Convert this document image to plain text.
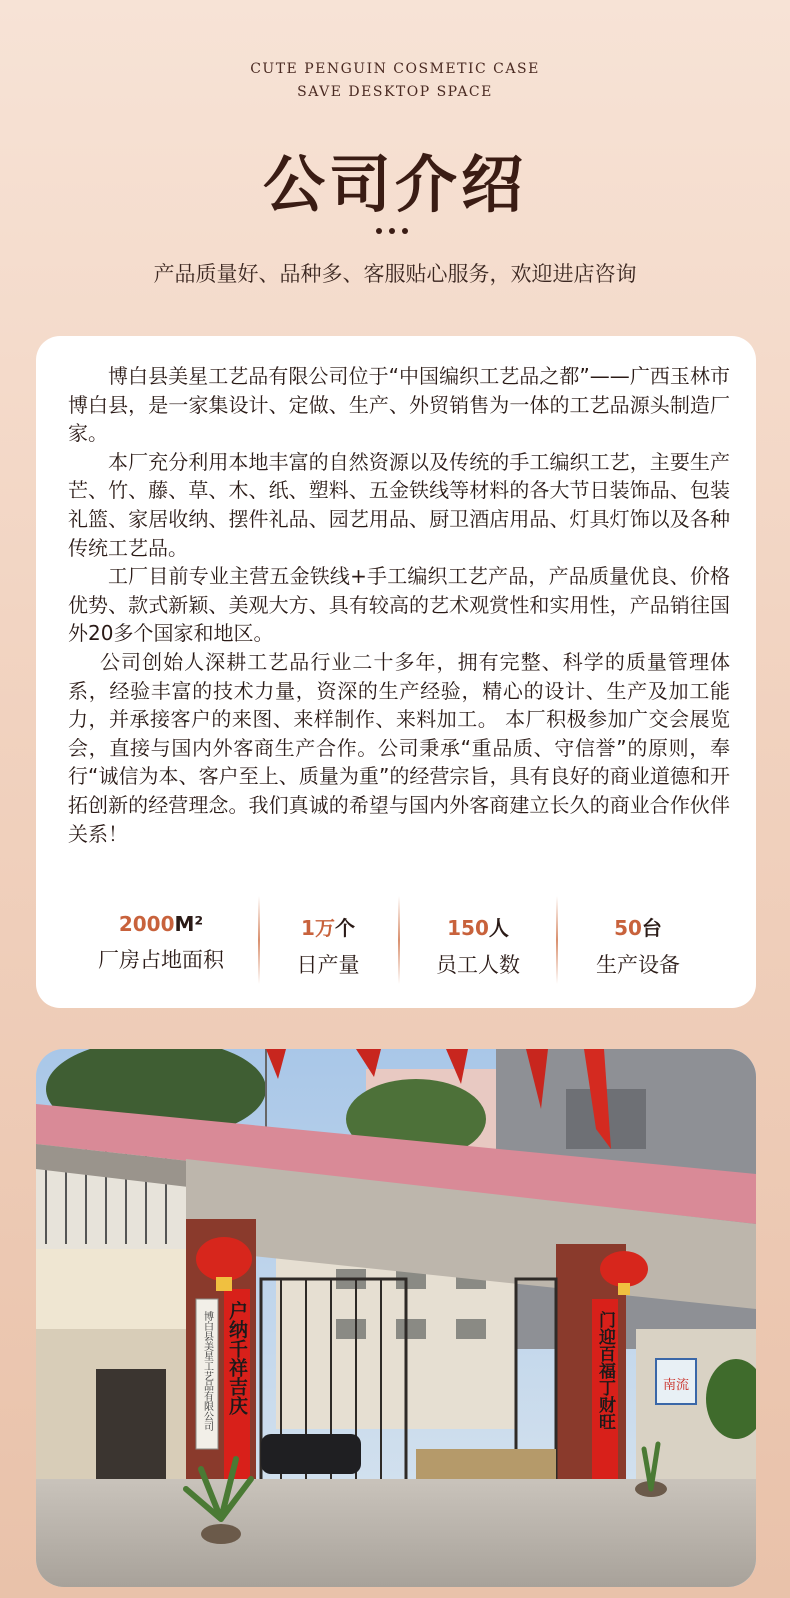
CUTE PENGUIN COSMETIC CASE
SAVE DESKTOP SPACE
公司介绍
产品质量好、品种多、客服贴心服务，欢迎进店咨询

博白县美星工艺品有限公司位于“中国编织工艺品之都”——广西玉林市博白县，是一家集设计、定做、生产、外贸销售为一体的工艺品源头制造厂家。

本厂充分利用本地丰富的自然资源以及传统的手工编织工艺，主要生产芒、竹、藤、草、木、纸、塑料、五金铁线等材料的各大节日装饰品、包装礼篮、家居收纳、摆件礼品、园艺用品、厨卫酒店用品、灯具灯饰以及各种传统工艺品。

工厂目前专业主营五金铁线+手工编织工艺产品，产品质量优良、价格优势、款式新颖、美观大方、具有较高的艺术观赏性和实用性，产品销往国外20多个国家和地区。

公司创始人深耕工艺品行业二十多年，拥有完整、科学的质量管理体系，经验丰富的技术力量，资深的生产经验，精心的设计、生产及加工能力，并承接客户的来图、来样制作、来料加工。 本厂积极参加广交会展览会，直接与国内外客商生产合作。公司秉承“重品质、守信誉”的原则，奉行“诚信为本、客户至上、质量为重”的经营宗旨，具有良好的商业道德和开拓创新的经营理念。我们真诚的希望与国内外客商建立长久的商业合作伙伴关系！

2000M²
厂房占地面积
1万个
日产量
150人
员工人数
50台
生产设备
南流
博白县美星工艺品有限公司 户纳千祥吉庆	门迎百福丁财旺
